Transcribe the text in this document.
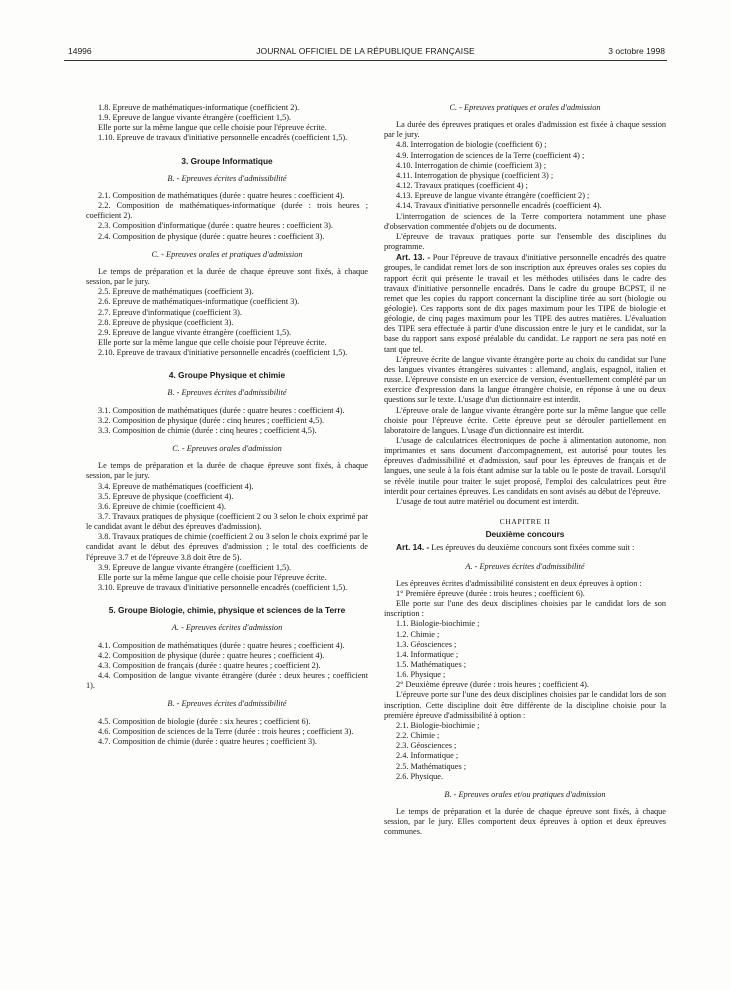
14996	JOURNAL OFFICIEL DE LA RÉPUBLIQUE FRANÇAISE	3 octobre 1998

1.8. Epreuve de mathématiques-informatique (coefficient 2).

1.9. Epreuve de langue vivante étrangère (coefficient 1,5).

Elle porte sur la même langue que celle choisie pour l'épreuve écrite.

1.10. Epreuve de travaux d'initiative personnelle encadrés (coefficient 1,5).

3. Groupe Informatique
B. - Epreuves écrites d'admissibilité

2.1. Composition de mathématiques (durée : quatre heures : coefficient 4).

2.2. Composition de mathématiques-informatique (durée : trois heures ; coefficient 2).

2.3. Composition d'informatique (durée : quatre heures : coefficient 3).

2.4. Composition de physique (durée : quatre heures : coefficient 3).

C. - Epreuves orales et pratiques d'admission

Le temps de préparation et la durée de chaque épreuve sont fixés, à chaque session, par le jury.

2.5. Epreuve de mathématiques (coefficient 3).

2.6. Epreuve de mathématiques-informatique (coefficient 3).

2.7. Epreuve d'informatique (coefficient 3).

2.8. Epreuve de physique (coefficient 3).

2.9. Epreuve de langue vivante étrangère (coefficient 1,5).

Elle porte sur la même langue que celle choisie pour l'épreuve écrite.

2.10. Epreuve de travaux d'initiative personnelle encadrés (coefficient 1,5).

4. Groupe Physique et chimie
B. - Epreuves écrites d'admissibilité

3.1. Composition de mathématiques (durée : quatre heures : coefficient 4).

3.2. Composition de physique (durée : cinq heures ; coefficient 4,5).

3.3. Composition de chimie (durée : cinq heures ; coefficient 4,5).

C. - Epreuves orales d'admission

Le temps de préparation et la durée de chaque épreuve sont fixés, à chaque session, par le jury.

3.4. Epreuve de mathématiques (coefficient 4).

3.5. Epreuve de physique (coefficient 4).

3.6. Epreuve de chimie (coefficient 4).

3.7. Travaux pratiques de physique (coefficient 2 ou 3 selon le choix exprimé par le candidat avant le début des épreuves d'admission).

3.8. Travaux pratiques de chimie (coefficient 2 ou 3 selon le choix exprimé par le candidat avant le début des épreuves d'admission ; le total des coefficients de l'épreuve 3.7 et de l'épreuve 3.8 doit être de 5).

3.9. Epreuve de langue vivante étrangère (coefficient 1,5).

Elle porte sur la même langue que celle choisie pour l'épreuve écrite.

3.10. Epreuve de travaux d'initiative personnelle encadrés (coefficient 1,5).

5. Groupe Biologie, chimie, physique et sciences de la Terre
A. - Epreuves écrites d'admission

4.1. Composition de mathématiques (durée : quatre heures ; coefficient 4).

4.2. Composition de physique (durée : quatre heures ; coefficient 4).

4.3. Composition de français (durée : quatre heures ; coefficient 2).

4.4. Composition de langue vivante étrangère (durée : deux heures ; coefficient 1).

B. - Epreuves écrites d'admissibilité

4.5. Composition de biologie (durée : six heures ; coefficient 6).

4.6. Composition de sciences de la Terre (durée : trois heures ; coefficient 3).

4.7. Composition de chimie (durée : quatre heures ; coefficient 3).

C. - Epreuves pratiques et orales d'admission

La durée des épreuves pratiques et orales d'admission est fixée à chaque session par le jury.

4.8. Interrogation de biologie (coefficient 6) ;

4.9. Interrogation de sciences de la Terre (coefficient 4) ;

4.10. Interrogation de chimie (coefficient 3) ;

4.11. Interrogation de physique (coefficient 3) ;

4.12. Travaux pratiques (coefficient 4) ;

4.13. Epreuve de langue vivante étrangère (coefficient 2) ;

4.14. Travaux d'initiative personnelle encadrés (coefficient 4).

L'interrogation de sciences de la Terre comportera notamment une phase d'observation commentée d'objets ou de documents.

L'épreuve de travaux pratiques porte sur l'ensemble des disciplines du programme.

Art. 13. - Pour l'épreuve de travaux d'initiative personnelle encadrés des quatre groupes, le candidat remet lors de son inscription aux épreuves orales ses copies du rapport écrit qui présente le travail et les méthodes utilisées dans le cadre des travaux d'initiative personnelle encadrés. Dans le cadre du groupe BCPST, il ne remet que les copies du rapport concernant la discipline tirée au sort (biologie ou géologie). Ces rapports sont de dix pages maximum pour les TIPE de biologie et géologie, de cinq pages maximum pour les TIPE des autres matières. L'évaluation des TIPE sera effectuée à partir d'une discussion entre le jury et le candidat, sur la base du rapport sans exposé préalable du candidat. Le rapport ne sera pas noté en tant que tel.

L'épreuve écrite de langue vivante étrangère porte au choix du candidat sur l'une des langues vivantes étrangères suivantes : allemand, anglais, espagnol, italien et russe. L'épreuve consiste en un exercice de version, éventuellement complété par un exercice d'expression dans la langue étrangère choisie, en réponse à une ou deux questions sur le texte. L'usage d'un dictionnaire est interdit.

L'épreuve orale de langue vivante étrangère porte sur la même langue que celle choisie pour l'épreuve écrite. Cette épreuve peut se dérouler partiellement en laboratoire de langues. L'usage d'un dictionnaire est interdit.

L'usage de calculatrices électroniques de poche à alimentation autonome, non imprimantes et sans document d'accompagnement, est autorisé pour toutes les épreuves d'admissibilité et d'admission, sauf pour les épreuves de français et de langues, une seule à la fois étant admise sur la table ou le poste de travail. Lorsqu'il se révèle inutile pour traiter le sujet proposé, l'emploi des calculatrices peut être interdit pour certaines épreuves. Les candidats en sont avisés au début de l'épreuve.

L'usage de tout autre matériel ou document est interdit.

CHAPITRE II
Deuxième concours

Art. 14. - Les épreuves du deuxième concours sont fixées comme suit :

A. - Epreuves écrites d'admissibilité

Les épreuves écrites d'admissibilité consistent en deux épreuves à option :

1° Première épreuve (durée : trois heures ; coefficient 6).

Elle porte sur l'une des deux disciplines choisies par le candidat lors de son inscription :

1.1. Biologie-biochimie ;

1.2. Chimie ;

1.3. Géosciences ;

1.4. Informatique ;

1.5. Mathématiques ;

1.6. Physique ;

2° Deuxième épreuve (durée : trois heures ; coefficient 4).

L'épreuve porte sur l'une des deux disciplines choisies par le candidat lors de son inscription. Cette discipline doit être différente de la discipline choisie pour la première épreuve d'admissibilité à option :

2.1. Biologie-biochimie ;

2.2. Chimie ;

2.3. Géosciences ;

2.4. Informatique ;

2.5. Mathématiques ;

2.6. Physique.

B. - Epreuves orales et/ou pratiques d'admission

Le temps de préparation et la durée de chaque épreuve sont fixés, à chaque session, par le jury. Elles comportent deux épreuves à option et deux épreuves communes.
